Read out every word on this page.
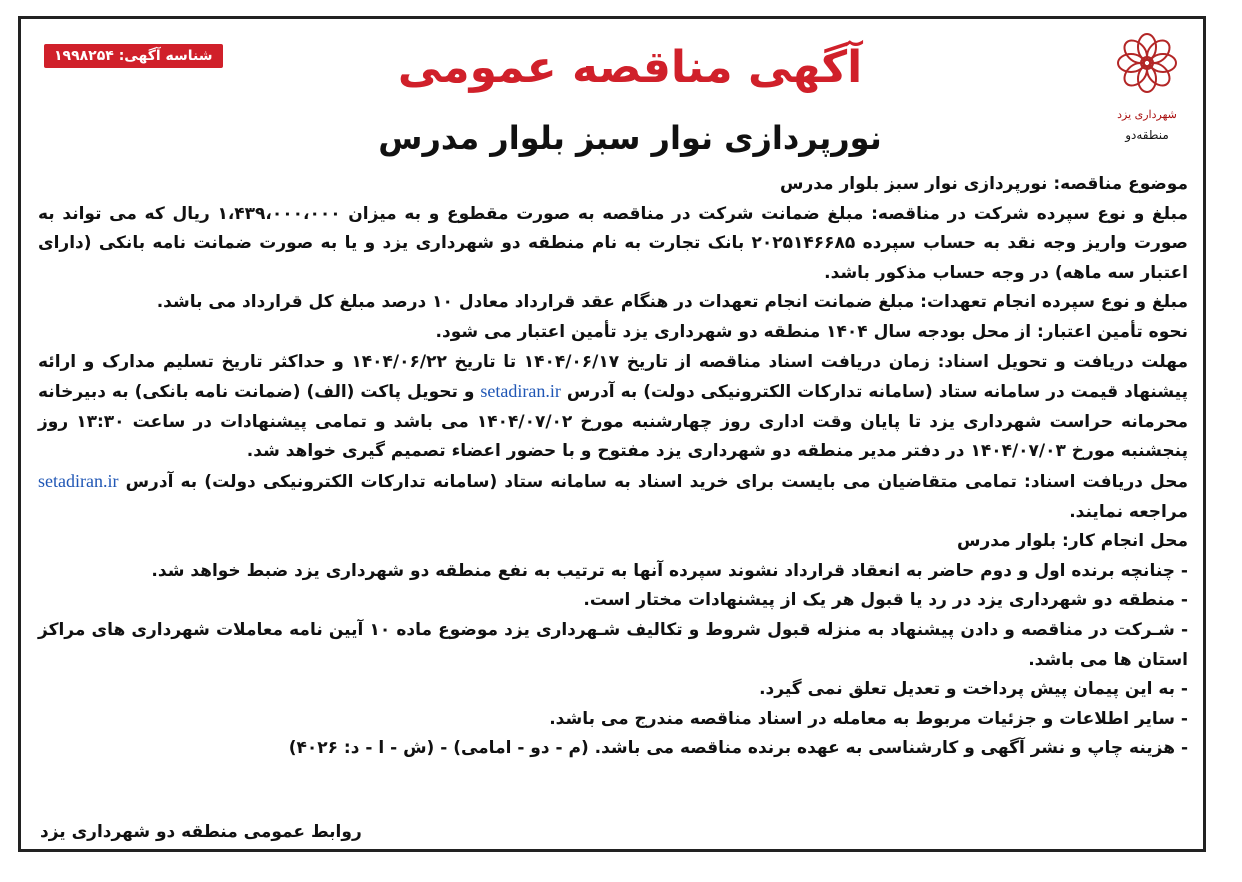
شناسه آگهی: ۱۹۹۸۲۵۴	آگهی مناقصه عمومی
نورپردازی نوار سبز بلوار مدرس
شهرداری یزد
منطقه‌دو

موضوع مناقصه: نورپردازی نوار سبز بلوار مدرس

مبلغ و نوع سپرده شرکت در مناقصه: مبلغ ضمانت شرکت در مناقصه به صورت مقطوع و به میزان ۱،۴۳۹،۰۰۰،۰۰۰ ریال که می تواند به صورت واریز وجه نقد به حساب سپرده ۲۰۲۵۱۴۶۶۸۵ بانک تجارت به نام منطقه دو شهرداری یزد و یا به صورت ضمانت نامه بانکی (دارای اعتبار سه ماهه) در وجه حساب مذکور باشد.

مبلغ و نوع سپرده انجام تعهدات: مبلغ ضمانت انجام تعهدات در هنگام عقد قرارداد معادل ۱۰ درصد مبلغ کل قرارداد می باشد.

نحوه تأمین اعتبار: از محل بودجه سال ۱۴۰۴ منطقه دو شهرداری یزد تأمین اعتبار می شود.

مهلت دریافت و تحویل اسناد: زمان دریافت اسناد مناقصه از تاریخ ۱۴۰۴/۰۶/۱۷ تا تاریخ ۱۴۰۴/۰۶/۲۲ و حداکثر تاریخ تسلیم مدارک و ارائه پیشنهاد قیمت در سامانه ستاد (سامانه تدارکات الکترونیکی دولت) به آدرس setadiran.ir و تحویل پاکت (الف) (ضمانت نامه بانکی) به دبیرخانه محرمانه حراست شهرداری یزد تا پایان وقت اداری روز چهارشنبه مورخ ۱۴۰۴/۰۷/۰۲ می باشد و تمامی پیشنهادات در ساعت ۱۳:۳۰ روز پنجشنبه مورخ ۱۴۰۴/۰۷/۰۳ در دفتر مدیر منطقه دو شهرداری یزد مفتوح و با حضور اعضاء تصمیم گیری خواهد شد.

محل دریافت اسناد: تمامی متقاضیان می بایست برای خرید اسناد به سامانه ستاد (سامانه تدارکات الکترونیکی دولت) به آدرس setadiran.ir مراجعه نمایند.

محل انجام کار: بلوار مدرس

- چنانچه برنده اول و دوم حاضر به انعقاد قرارداد نشوند سپرده آنها به ترتیب به نفع منطقه دو شهرداری یزد ضبط خواهد شد.

- منطقه دو شهرداری یزد در رد یا قبول هر یک از پیشنهادات مختار است.

- شـرکت در مناقصه و دادن پیشنهاد به منزله قبول شروط و تکالیف شـهرداری یزد موضوع ماده ۱۰ آیین نامه معاملات شهرداری های مراکز استان ها می باشد.

- به این پیمان پیش پرداخت و تعدیل تعلق نمی گیرد.

- سایر اطلاعات و جزئیات مربوط به معامله در اسناد مناقصه مندرج می باشد.

- هزینه چاپ و نشر آگهی و کارشناسی به عهده برنده مناقصه می باشد. (م - دو - امامی) - (ش - ا - د: ۴۰۲۶)

روابط عمومی منطقه دو شهرداری یزد
